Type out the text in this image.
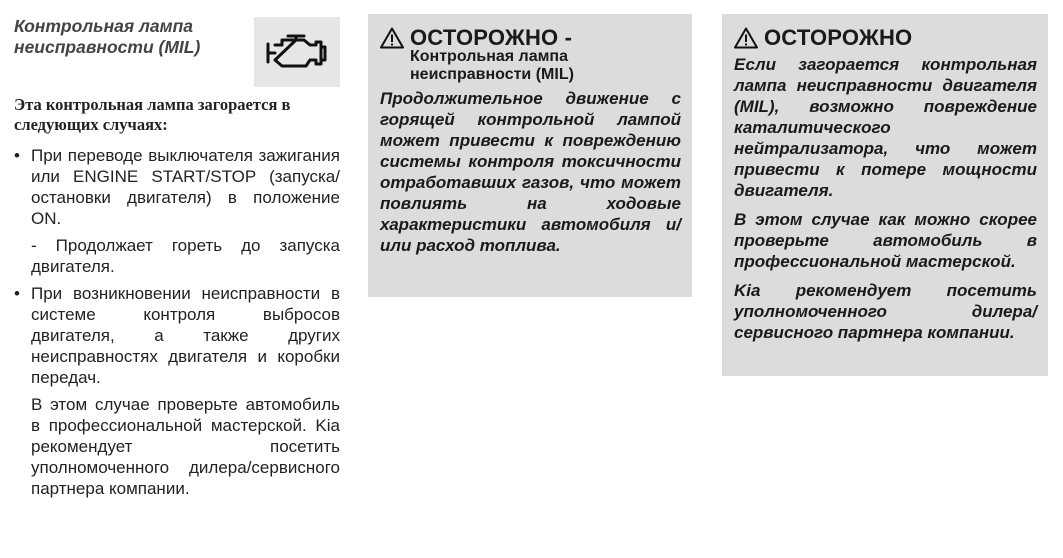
Контрольная лампа неисправности (MIL)
Эта контрольная лампа загорается в следующих случаях:
• При переводе выключателя зажигания или ENGINE START/STOP (запуска/остановки двигателя) в положение ON.
- Продолжает гореть до запуска двигателя.
• При возникновении неисправности в системе контроля выбросов двигателя, а также других неисправностях двигателя и коробки передач.
В этом случае проверьте автомобиль в профессиональной мастерской. Kia рекомендует посетить уполномоченного дилера/сервисного партнера компании.
ОСТОРОЖНО -
Контрольная лампа неисправности (MIL)
Продолжительное движение с горящей контрольной лампой может привести к повреждению системы контроля токсичности отработавших газов, что может повлиять на ходовые характеристики автомобиля и/или расход топлива.
ОСТОРОЖНО
Если загорается контрольная лампа неисправности двигателя (MIL), возможно повреждение каталитического нейтрализатора, что может привести к потере мощности двигателя.
В этом случае как можно скорее проверьте автомобиль в профессиональной мастерской.
Kia рекомендует посетить уполномоченного дилера/сервисного партнера компании.
